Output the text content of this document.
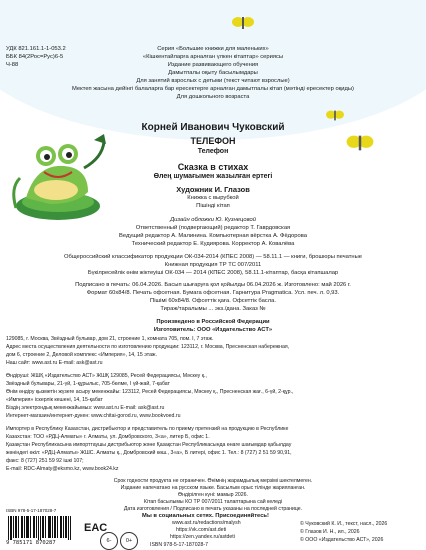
УДК 821.161.1-1-053.2
ББК 84(2Рос=Рус)6-5
Ч-88
Серия «Большие книжки для маленьких»
«Кішкентайларға арналған үлкен кітаптар» сериясы
Издание развивающего обучения
Дамытпалы оқыту басылымдары
Для занятий взрослых с детьми (текст читают взрослые)
Мектеп жасына дейінгі балаларға бар ересектерге арналған дамытпалы кітап (мәтінді ересектер оқиды)
Для дошкольного возраста
Корней Иванович Чуковский
ТЕЛЕФОН
Телефон
Сказка в стихах
Өлең шумағымен жазылған ертегі
Художник И. Глазов
Книжка с вырубкой
Пішінді кітап
Дизайн обложки Ю. Кузнецовой
Ответственный (подвергающий) редактор Т. Гаврдовская
Ведущий редактор А. Малинина. Компьютерная вёрстка А. Фёдорова
Технический редактор Е. Кудиярова. Корректор А. Ковалёва
Общероссийский классификатор продукции ОК-034-2014 (КПЕС 2008) — 58.11.1 — книги, брошюры печатные
Книжная продукция ТР ТС 007/2011
Бүкілресейлік өнім жіктеуіші ОК-034 — 2014 (КПЕС 2008), 58.11.1-кітаптар, басқа кітапшалар
Подписано в печать: 06.04.2026. Басып шығаруға қол қойылды 06.04.2026 ж. Изготовлено: май 2026 г.
Формат 60x84/8. Печать офсетная. Бумага офсетная. Гарнитура Pragmatica. Усл. печ. л. 0,93.
Пішімі 60x84/8. Офсеттік қаға. Офсеттік басла.
Тираж/таралымы ... экз./дана. Заказ №
Произведено в Российской Федерации
Изготовитель: ООО «Издательство АСТ»
129085, г. Москва, Звёздный бульвар, дом 21, строение 1, комната 705, пом. I, 7 этаж.
Адрес места осуществления деятельности по изготовлению продукции: 123112, г. Москва, Пресненская набережная,
дом 6, строение 2, Деловой комплекс «Империя», 14, 15 этаж.
Наш сайт: www.ast.ru E-mail: ask@ast.ru
Өндіруші: ЖШҚ «Издательство АСТ» ЖШҚ 129085, Ресей Федерациясы, Мәскеу қ.,
Звёздный бульвары, 21-үй, 1-құрылыс, 705-бөлме, I үй-жай, 7-қабат
Өнім өндіру қызметін жүзеге асыру мекенжайы: 123112, Ресей Федерациясы, Мәскеу қ., Пресненская жағ., 6-үй, 2-құр.,
«Империя» іскерлік кешені, 14, 15-қабат
Біздің электрондық мекенжайымыз: www.ast.ru E-mail: ask@ast.ru
Интернет-магазин/интернет-дүкен: www.chitai-gorod.ru, www.bookvoed.ru
Импортер в Республику Казахстан, дистрибьютор и представитель по приему претензий на продукцию в Республике
Казахстан: ТОО «РДЦ-Алматы» г. Алматы, ул. Домбровского, 3«а», литер Б, офис 1.
Қазақстан Республикасына импорттаушы дистрибьютор және Қазақстан Республикасында өнаге шағымдар қабылдау
жөніндегі өкіл: «РДЦ-Алматы» ЖШС. Алматы қ., Домбровский көш., 3«а», Б литері, офис 1. Тел.: 8 (727) 2 51 59 90,91,
факс: 8 (727) 251 59 92 ішкі 107;
E-mail: RDC-Almaty@eksmo.kz, www.book24.kz
Срок годности продукта не ограничен. Өнімнің жарамдылық мерзімі шектелмеген.
Издание напечатано на русском языке. Басылым орыс тілінде жарияланған.
Өндірілген күні: мамыр 2026.
Кітап басылымы КО ТР 007/2011 талаптарына сай келеді
Дата изготовления / Подписано в печать указаны на последней странице.
Мы в социальных сетях. Присоединяйтесь!
www.ast.ru/redactions/malysh
https://vk.com/ast.deti
https://zen.yandex.ru/astdeti
ISBN 978-5-17-187028-7
ISBN 978-5-17-187028-7
9 785171 870287
EAC
6-	0+
© Чуковский К. И., текст, насл., 2026
© Глазов И. Н., ил., 2026
© ООО «Издательство АСТ», 2026
